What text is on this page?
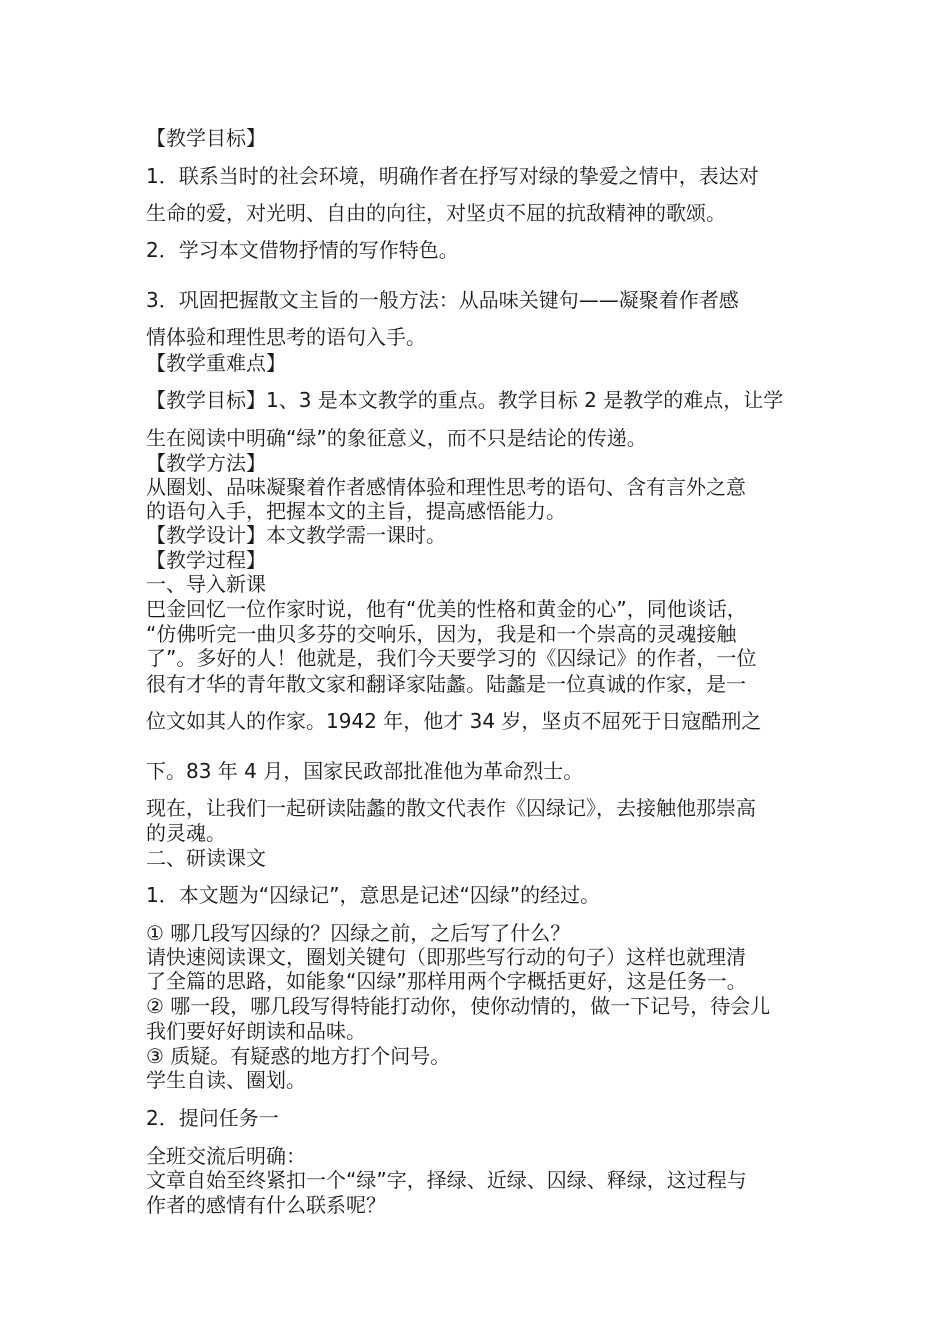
【教学目标】
1．联系当时的社会环境，明确作者在抒写对绿的挚爱之情中，表达对
生命的爱，对光明、自由的向往，对坚贞不屈的抗敌精神的歌颂。
2．学习本文借物抒情的写作特色。
3．巩固把握散文主旨的一般方法：从品味关键句——凝聚着作者感
情体验和理性思考的语句入手。
【教学重难点】
【教学目标】1、3 是本文教学的重点。教学目标 2 是教学的难点，让学
生在阅读中明确“绿”的象征意义，而不只是结论的传递。
【教学方法】
从圈划、品味凝聚着作者感情体验和理性思考的语句、含有言外之意
的语句入手，把握本文的主旨，提高感悟能力。
【教学设计】本文教学需一课时。
【教学过程】
一、导入新课
巴金回忆一位作家时说，他有“优美的性格和黄金的心”，同他谈话，
“仿佛听完一曲贝多芬的交响乐，因为，我是和一个崇高的灵魂接触
了”。多好的人！他就是，我们今天要学习的《囚绿记》的作者，一位
很有才华的青年散文家和翻译家陆蠡。陆蠡是一位真诚的作家，是一
位文如其人的作家。1942 年，他才 34 岁，坚贞不屈死于日寇酷刑之
下。83 年 4 月，国家民政部批准他为革命烈士。
现在，让我们一起研读陆蠡的散文代表作《囚绿记》，去接触他那崇高
的灵魂。
二、研读课文
1．本文题为“囚绿记”，意思是记述“囚绿”的经过。
① 哪几段写囚绿的？囚绿之前，之后写了什么？
请快速阅读课文，圈划关键句（即那些写行动的句子）这样也就理清
了全篇的思路，如能象“囚绿”那样用两个字概括更好，这是任务一。
② 哪一段，哪几段写得特能打动你，使你动情的，做一下记号，待会儿
我们要好好朗读和品味。
③ 质疑。有疑惑的地方打个问号。
学生自读、圈划。
2．提问任务一
全班交流后明确：
文章自始至终紧扣一个“绿”字，择绿、近绿、囚绿、释绿，这过程与
作者的感情有什么联系呢？
